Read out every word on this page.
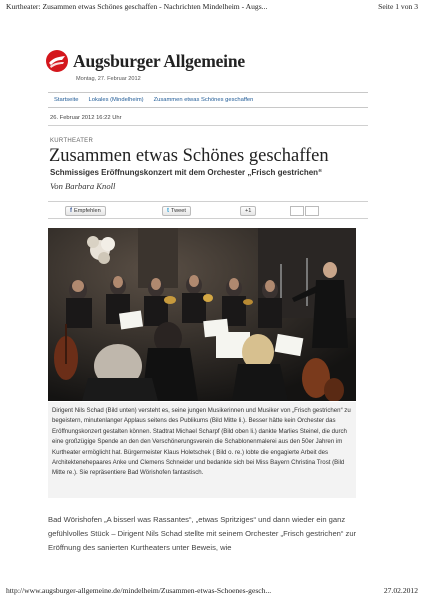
Kurtheater: Zusammen etwas Schönes geschaffen - Nachrichten Mindelheim - Augs...	Seite 1 von 3
Augsburger Allgemeine
Montag, 27. Februar 2012
Startseite Lokales (Mindelheim) Zusammen etwas Schönes geschaffen
26. Februar 2012 16:22 Uhr
KURTHEATER
Zusammen etwas Schönes geschaffen
Schmissiges Eröffnungskonzert mit dem Orchester „Frisch gestrichen“
Von Barbara Knoll
f Empfehlen	t Tweet	+1
Dirigent Nils Schad (Bild unten) versteht es, seine jungen Musikerinnen und Musiker von „Frisch gestrichen“ zu begeistern, minutenlanger Applaus seitens des Publikums (Bild Mitte li.). Besser hätte kein Orchester das Eröffnungskonzert gestalten können. Stadtrat Michael Scharpf (Bild oben li.) dankte Marlies Steinel, die durch eine großzügige Spende an den den Verschönerungsverein die Schablonenmalerei aus den 50er Jahren im Kurtheater ermöglicht hat. Bürgermeister Klaus Holetschek ( Bild o. re.) lobte die engagierte Arbeit des Architektenehepaares Anke und Clemens Schneider und bedankte sich bei Miss Bayern Christina Trost (Bild Mitte re.). Sie repräsentiere Bad Wörishofen fantastisch.

Bad Wörishofen „A bisserl was Rassantes“, „etwas Spritziges“ und dann wieder ein ganz gefühlvolles Stück – Dirigent Nils Schad stellte mit seinem Orchester „Frisch gestrichen“ zur Eröffnung des sanierten Kurtheaters unter Beweis, wie

http://www.augsburger-allgemeine.de/mindelheim/Zusammen-etwas-Schoenes-gesch...	27.02.2012
